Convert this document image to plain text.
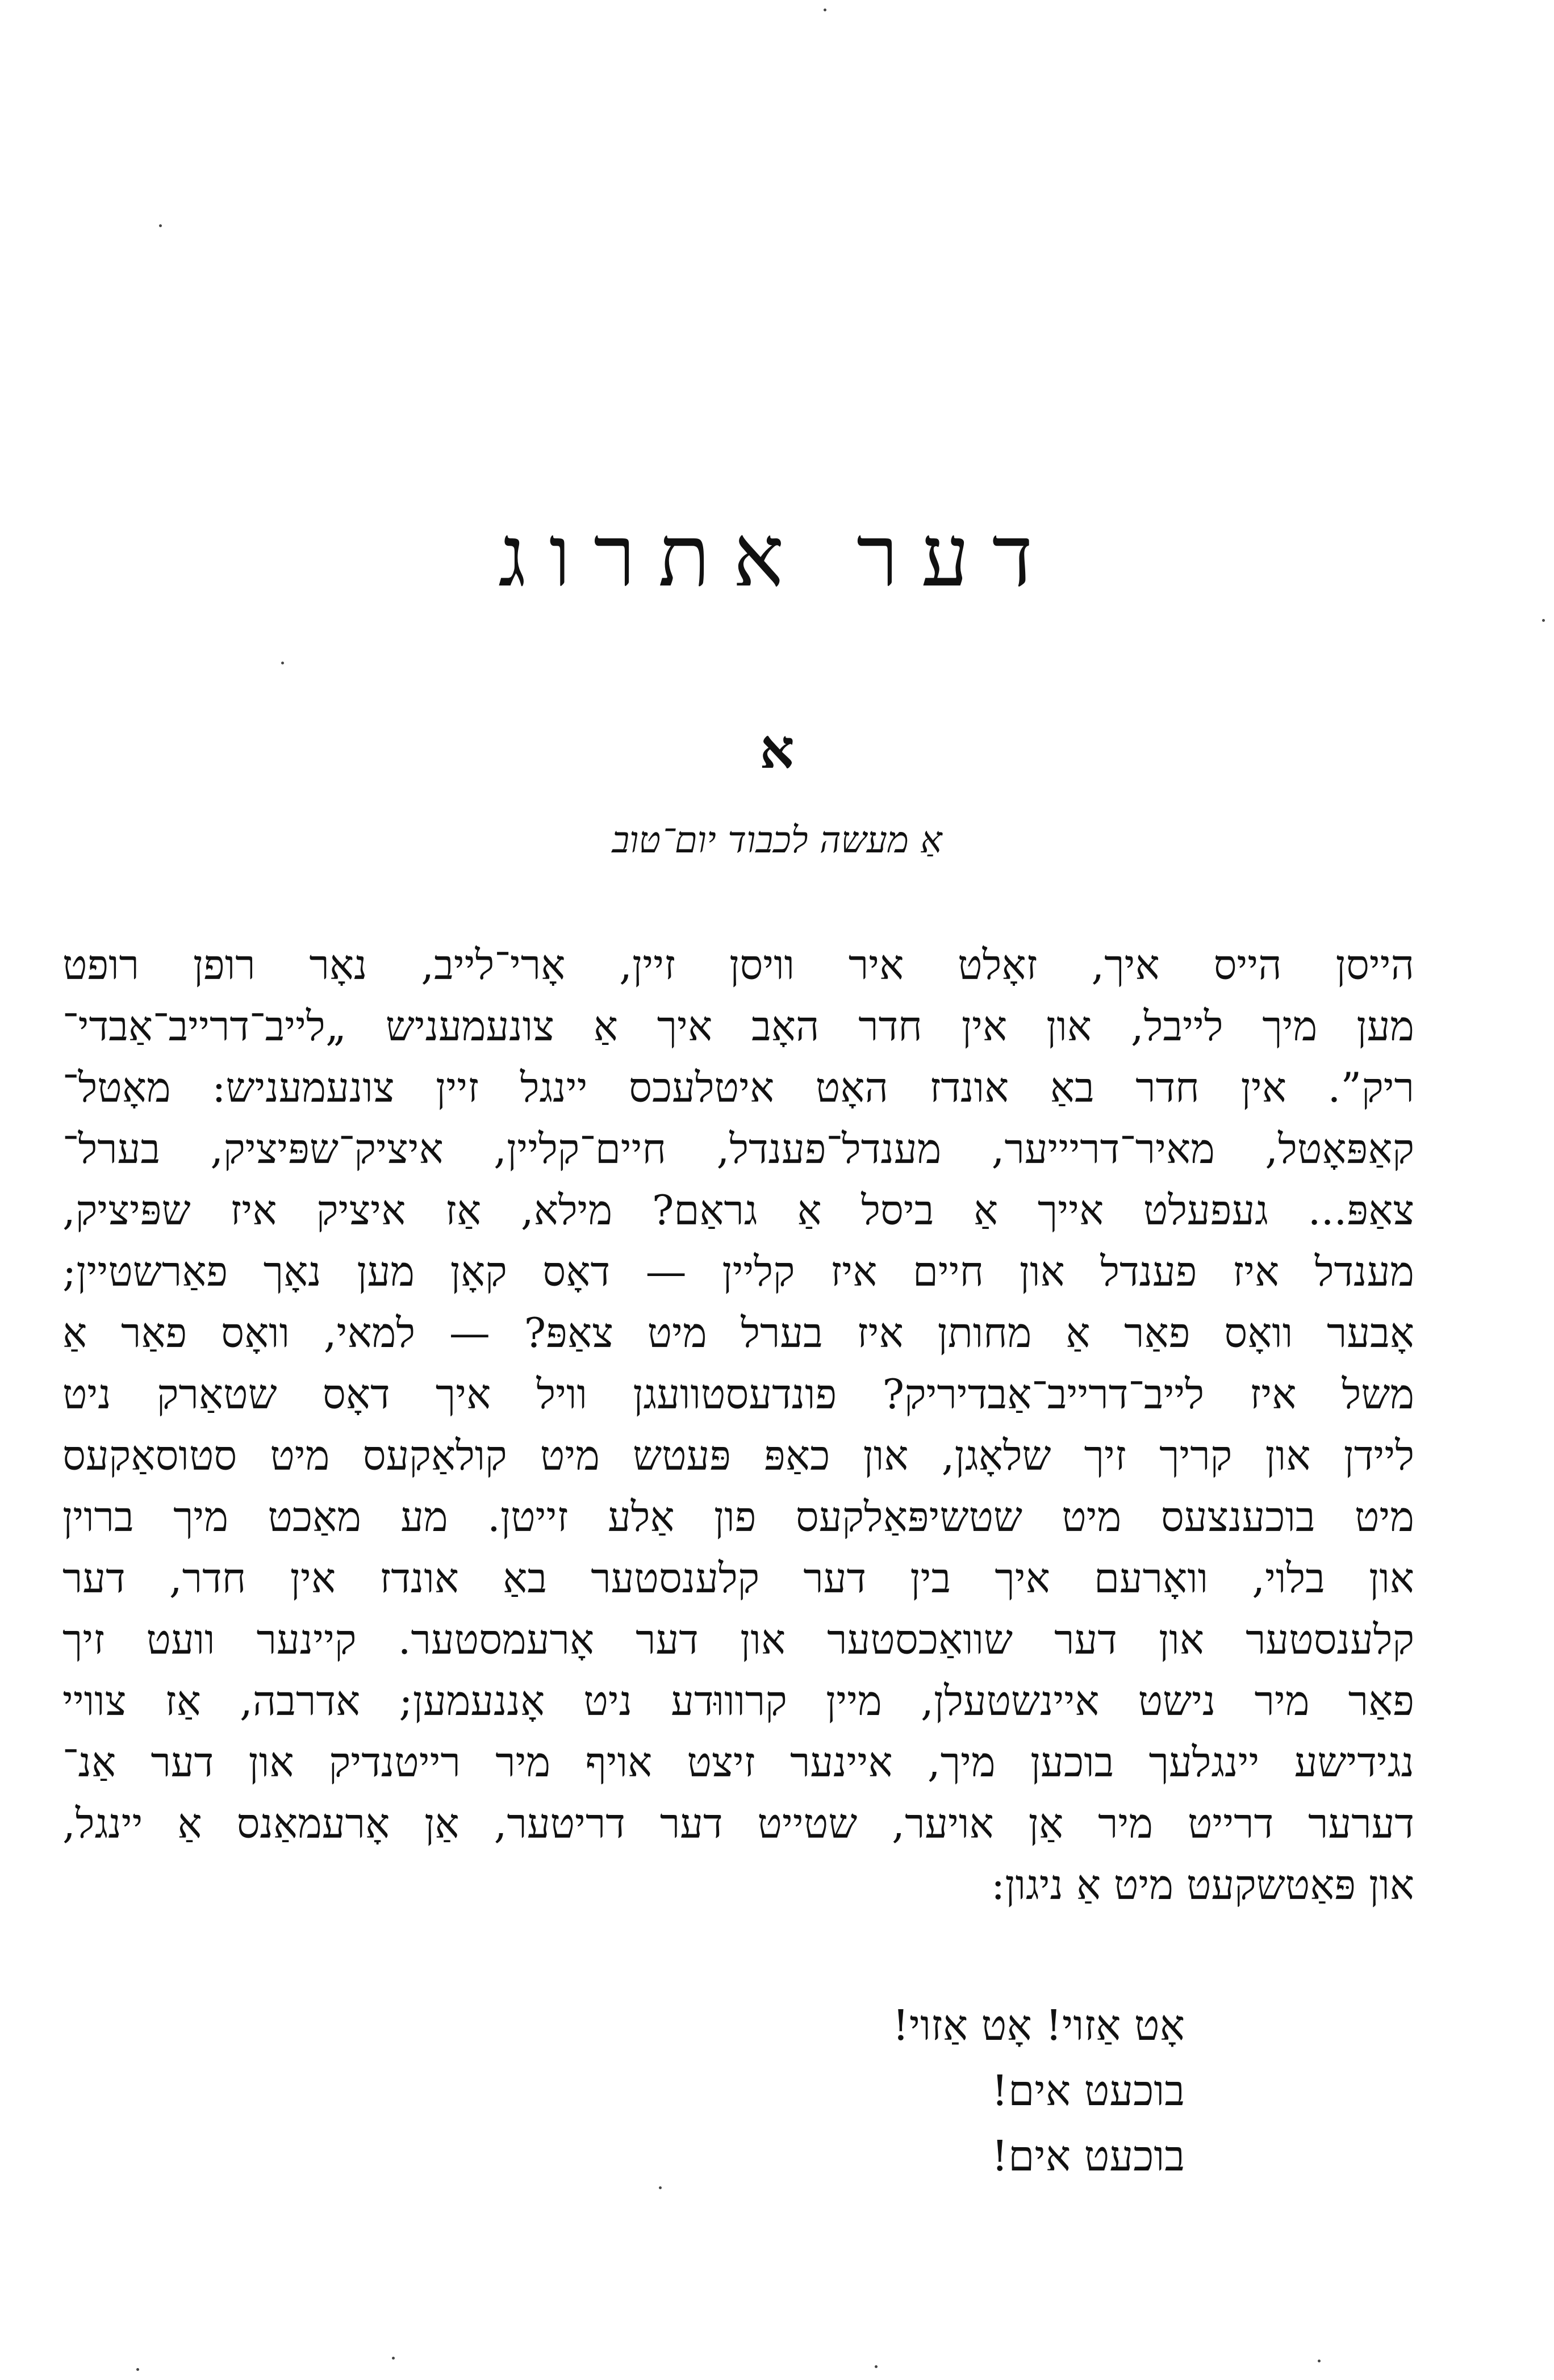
דער אתרוג
א
אַ מעשה לכבוד יום־טוב
הייסן הייס איך, זאָלט איר וויסן זיין, אָרי־לייב, נאָר רופן רופט
מען מיך לייבל, און אין חדר האָב איך אַ צונעמעניש „לייב־דרייב־אַבדי־
ריק”. אין חדר באַ אונדז האָט איטלעכס יינגל זיין צונעמעניש: מאָטל־
קאַפּאָטל, מאיר־דריייער, מענדל־פענדל, חיים־קליין, איציק־שפּיציק, בערל־
צאַפּ... געפעלט אייך אַ ביסל אַ גראַם? מילא, אַז איציק איז שפּיציק,
מענדל איז פענדל און חיים איז קליין — דאָס קאָן מען נאָך פאַרשטיין;
אָבער וואָס פאַר אַ מחותן איז בערל מיט צאַפּ? — למאי, וואָס פאַר אַ
משל איז לייב־דרייב־אַבדיריק? פונדעסטוועגן וויל איך דאָס שטאַרק ניט
ליידן און קריך זיך שלאָגן, און כאַפּ פּעטש מיט קולאַקעס מיט סטוסאַקעס
מיט בוכענצעס מיט שטשיפּאַלקעס פון אַלע זייטן. מע מאַכט מיך ברוין
און בלוי, וואָרעם איך בין דער קלענסטער באַ אונדז אין חדר, דער
קלענסטער און דער שוואַכסטער און דער אָרעמסטער. קיינער וועט זיך
פאַר מיר נישט איינשטעלן, מיין קרוווּדע ניט אָננעמען; אדרבה, אַז צוויי
נגידישע יינגלעך בוכען מיך, איינער זיצט אויף מיר רייטנדיק און דער אַנ־
דערער דרייט מיר אַן אויער, שטייט דער דריטער, אַן אָרעמאַנס אַ יינגל,
און פּאַטשקעט מיט אַ ניגון:
אָט אַזוי! אָט אַזוי!
בוכעט אים!
בוכעט אים!
